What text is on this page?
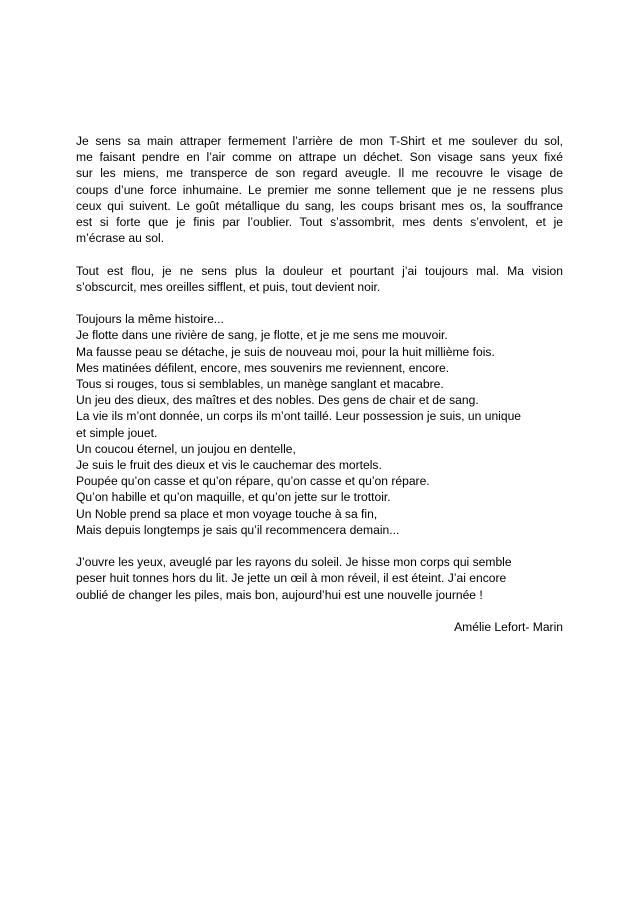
Je sens sa main attraper fermement l’arrière de mon T-Shirt et me soulever du sol,
me faisant pendre en l’air comme on attrape un déchet. Son visage sans yeux fixé
sur les miens, me transperce de son regard aveugle. Il me recouvre le visage de
coups d’une force inhumaine. Le premier me sonne tellement que je ne ressens plus
ceux qui suivent. Le goût métallique du sang, les coups brisant mes os, la souffrance
est si forte que je finis par l’oublier. Tout s’assombrit, mes dents s’envolent, et je
m’écrase au sol.

Tout est flou, je ne sens plus la douleur et pourtant j’ai toujours mal. Ma vision
s’obscurcit, mes oreilles sifflent, et puis, tout devient noir.

Toujours la même histoire...
Je flotte dans une rivière de sang, je flotte, et je me sens me mouvoir.
Ma fausse peau se détache, je suis de nouveau moi, pour la huit millième fois.
Mes matinées défilent, encore, mes souvenirs me reviennent, encore.
Tous si rouges, tous si semblables, un manège sanglant et macabre.
Un jeu des dieux, des maîtres et des nobles. Des gens de chair et de sang.
La vie ils m’ont donnée, un corps ils m’ont taillé. Leur possession je suis, un unique
et simple jouet.
Un coucou éternel, un joujou en dentelle,
Je suis le fruit des dieux et vis le cauchemar des mortels.
Poupée qu’on casse et qu’on répare, qu’on casse et qu’on répare.
Qu’on habille et qu’on maquille, et qu’on jette sur le trottoir.
Un Noble prend sa place et mon voyage touche à sa fin,
Mais depuis longtemps je sais qu’il recommencera demain...
J’ouvre les yeux, aveuglé par les rayons du soleil. Je hisse mon corps qui semble
peser huit tonnes hors du lit. Je jette un œil à mon réveil, il est éteint. J’ai encore
oublié de changer les piles, mais bon, aujourd’hui est une nouvelle journée !
Amélie Lefort- Marin
